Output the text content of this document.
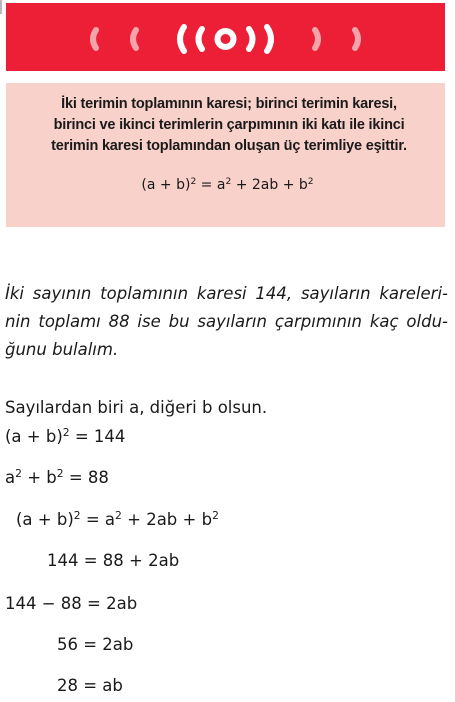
İki terimin toplamının karesi; birinci terimin karesi, birinci ve ikinci terimlerin çarpımının iki katı ile ikinci terimin karesi toplamından oluşan üç terimliye eşittir.
$(a + b)^2 = a^2 + 2ab + b^2$
İki sayının toplamının karesi 144, sayıların kareleri-nin toplamı 88 ise bu sayıların çarpımının kaç oldu-ğunu bulalım.
Sayılardan biri a, diğeri b olsun.
$(a + b)^2 = 144$
$a^2 + b^2 = 88$
$(a + b)^2 = a^2 + 2ab + b^2$
144 = 88 + 2ab
144 − 88 = 2ab
56 = 2ab
28 = ab
